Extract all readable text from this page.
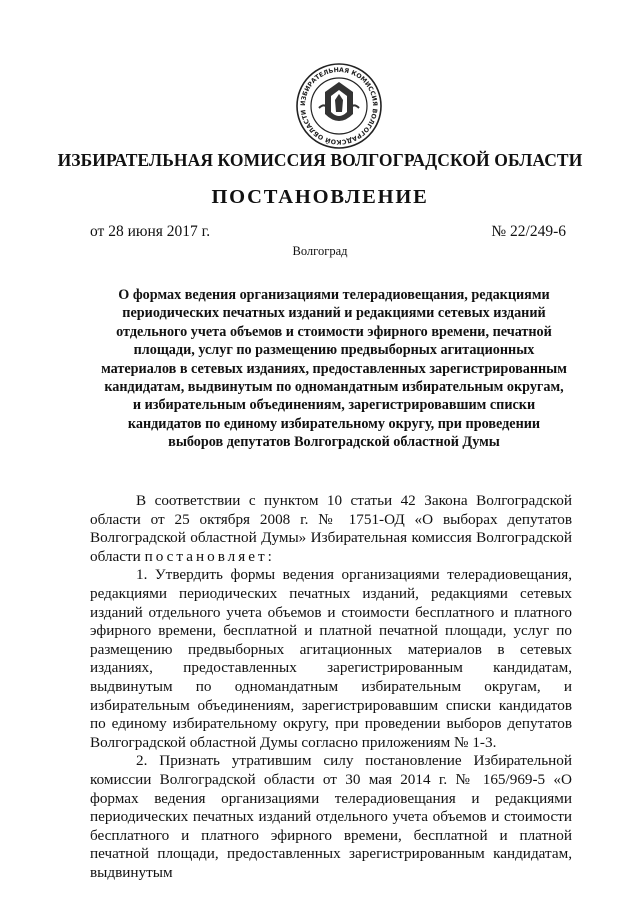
ИЗБИРАТЕЛЬНАЯ КОМИССИЯ ВОЛГОГРАДСКОЙ ОБЛАСТИ
ИЗБИРАТЕЛЬНАЯ КОМИССИЯ ВОЛГОГРАДСКОЙ ОБЛАСТИ
ПОСТАНОВЛЕНИЕ
от 28 июня 2017 г.	№ 22/249-6
Волгоград
О формах ведения организациями телерадиовещания, редакциями периодических печатных изданий и редакциями сетевых изданий отдельного учета объемов и стоимости эфирного времени, печатной площади, услуг по размещению предвыборных агитационных материалов в сетевых изданиях, предоставленных зарегистрированным кандидатам, выдвинутым по одномандатным избирательным округам, и избирательным объединениям, зарегистрировавшим списки кандидатов по единому избирательному округу, при проведении выборов депутатов Волгоградской областной Думы

В соответствии с пунктом 10 статьи 42 Закона Волгоградской области от 25 октября 2008 г. № 1751-ОД «О выборах депутатов Волгоградской областной Думы» Избирательная комиссия Волгоградской области постановляет:

1. Утвердить формы ведения организациями телерадиовещания, редакциями периодических печатных изданий, редакциями сетевых изданий отдельного учета объемов и стоимости бесплатного и платного эфирного времени, бесплатной и платной печатной площади, услуг по размещению предвыборных агитационных материалов в сетевых изданиях, предоставленных зарегистрированным кандидатам, выдвинутым по одномандатным избирательным округам, и избирательным объединениям, зарегистрировавшим списки кандидатов по единому избирательному округу, при проведении выборов депутатов Волгоградской областной Думы согласно приложениям № 1-3.

2. Признать утратившим силу постановление Избирательной комиссии Волгоградской области от 30 мая 2014 г. № 165/969-5 «О формах ведения организациями телерадиовещания и редакциями периодических печатных изданий отдельного учета объемов и стоимости бесплатного и платного эфирного времени, бесплатной и платной печатной площади, предоставленных зарегистрированным кандидатам, выдвинутым
